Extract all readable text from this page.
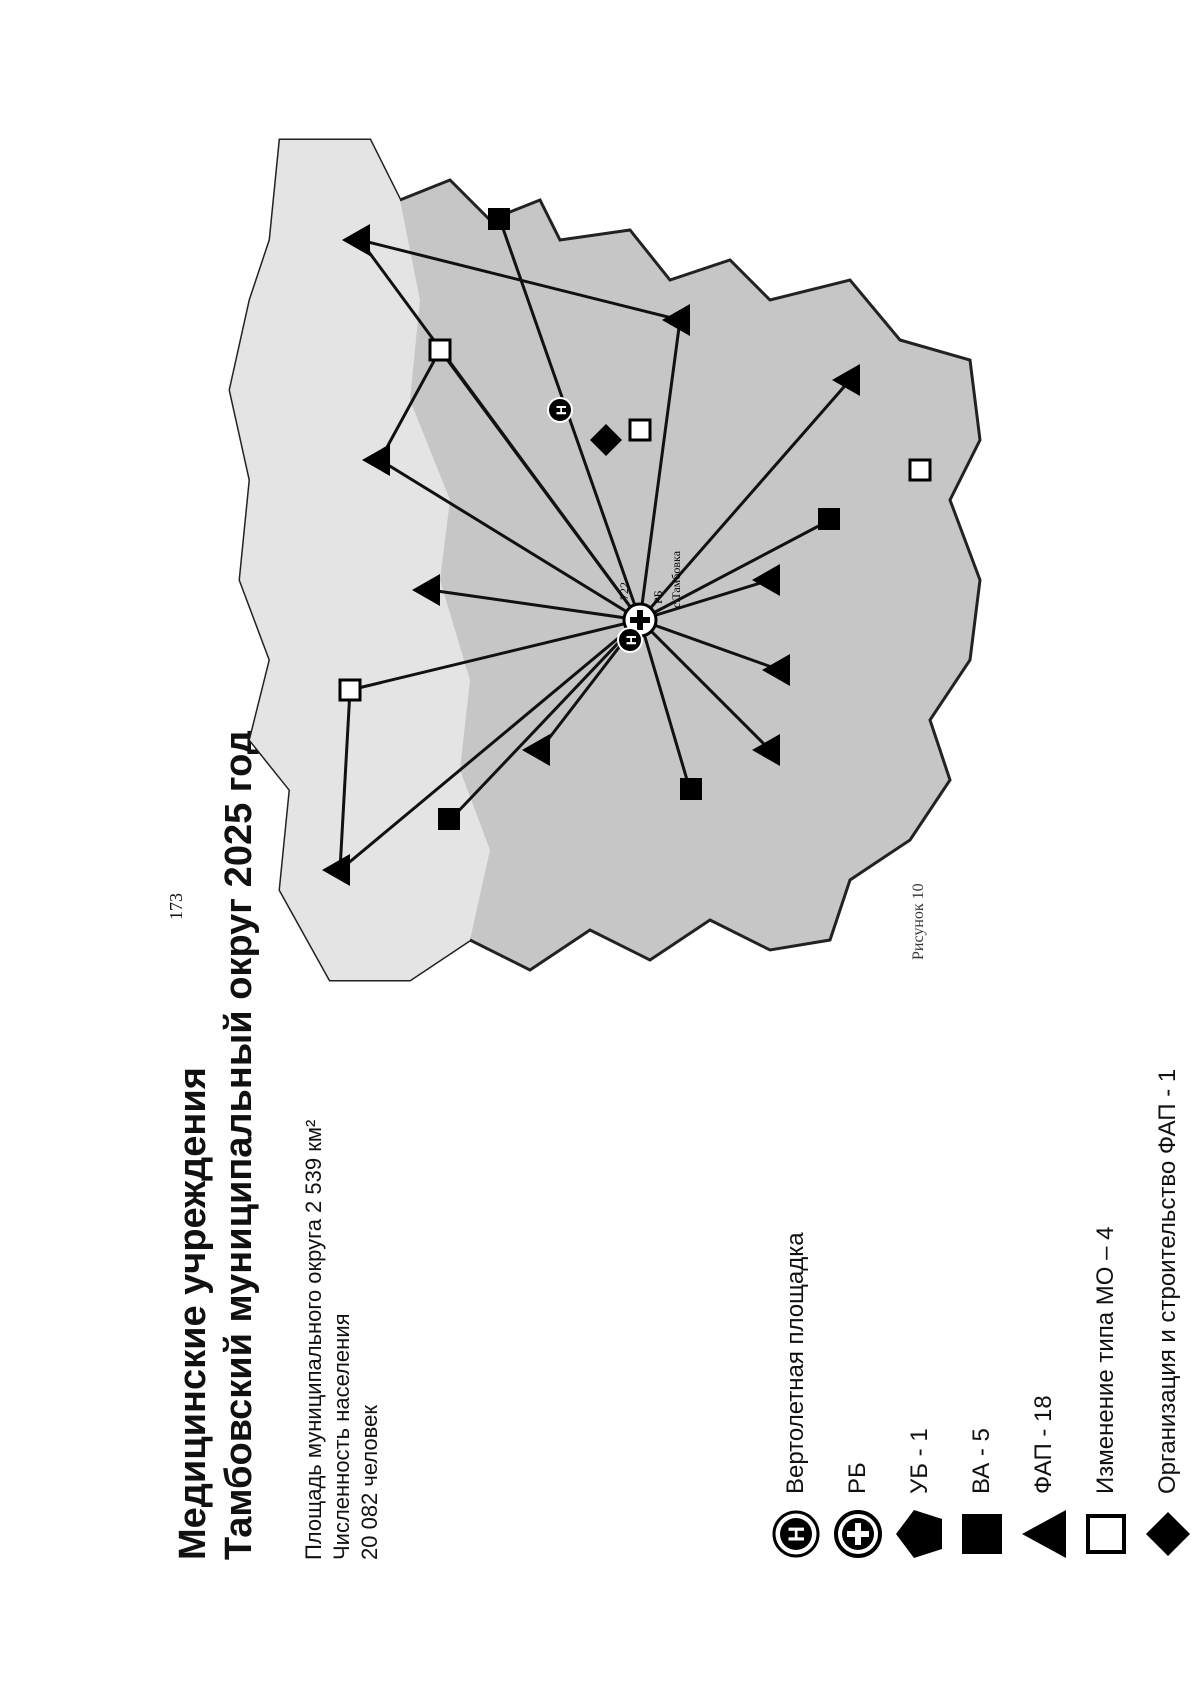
Медицинские учреждения Тамбовский муниципальный округ 2025 год Площадь муниципального округа 2 539 км² Численность населения 20 082 человек	H
Вертолетная площадка РБ УБ - 1 ВА - 5 ФАП - 18 Изменение типа МО – 4 Организация и строительство ФАП - 1
173
H
H
с.Тамбовка
РБ
722
Рисунок 10
